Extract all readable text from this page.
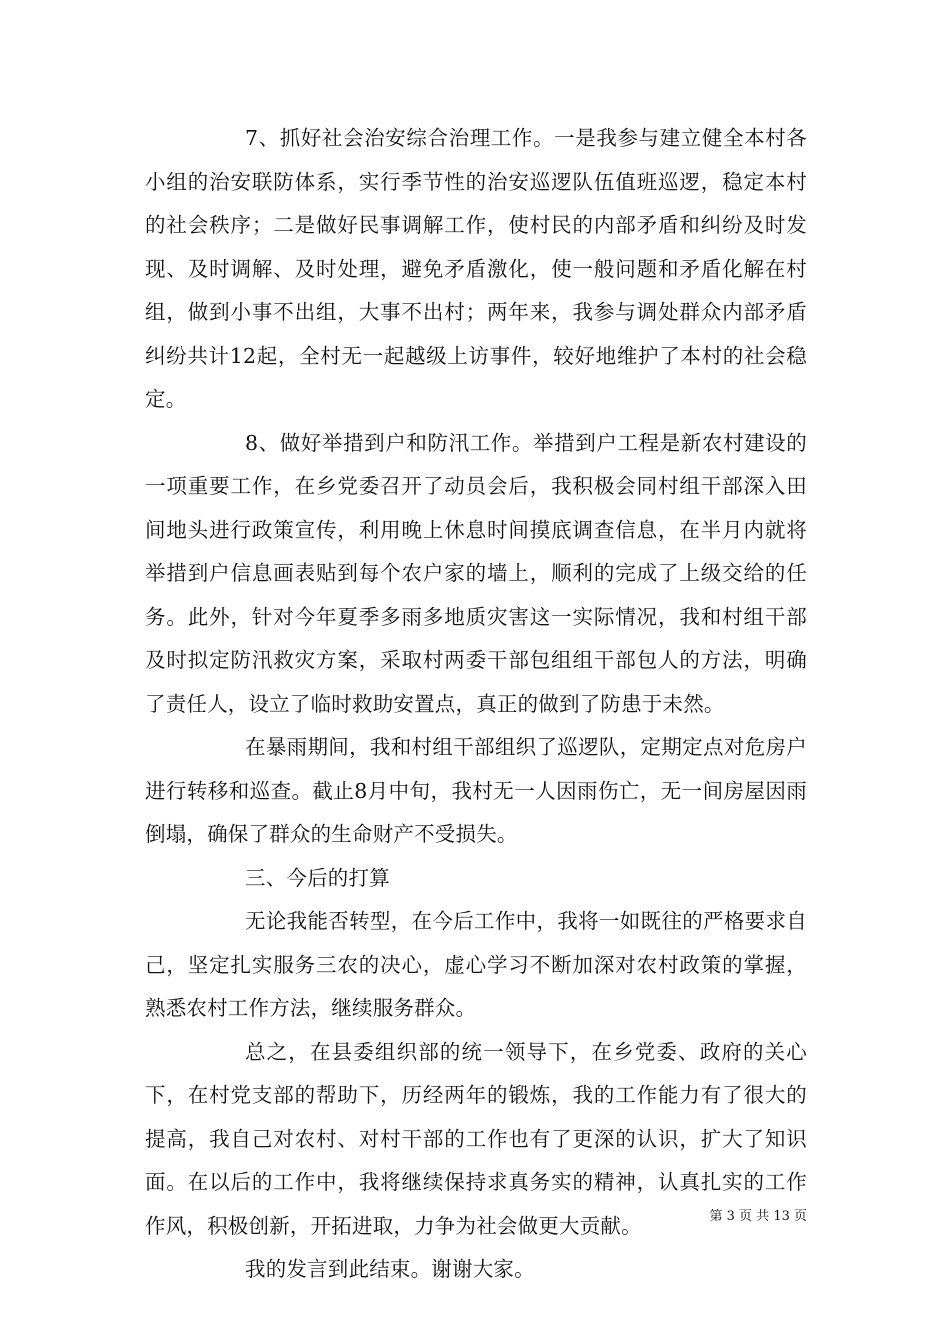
7、抓好社会治安综合治理工作。一是我参与建立健全本村各小组的治安联防体系，实行季节性的治安巡逻队伍值班巡逻，稳定本村的社会秩序；二是做好民事调解工作，使村民的内部矛盾和纠纷及时发现、及时调解、及时处理，避免矛盾激化，使一般问题和矛盾化解在村组，做到小事不出组，大事不出村；两年来，我参与调处群众内部矛盾纠纷共计12起，全村无一起越级上访事件，较好地维护了本村的社会稳定。

8、做好举措到户和防汛工作。举措到户工程是新农村建设的一项重要工作，在乡党委召开了动员会后，我积极会同村组干部深入田间地头进行政策宣传，利用晚上休息时间摸底调查信息，在半月内就将举措到户信息画表贴到每个农户家的墙上，顺利的完成了上级交给的任务。此外，针对今年夏季多雨多地质灾害这一实际情况，我和村组干部及时拟定防汛救灾方案，采取村两委干部包组组干部包人的方法，明确了责任人，设立了临时救助安置点，真正的做到了防患于未然。

在暴雨期间，我和村组干部组织了巡逻队，定期定点对危房户进行转移和巡查。截止8月中旬，我村无一人因雨伤亡，无一间房屋因雨倒塌，确保了群众的生命财产不受损失。

三、今后的打算

无论我能否转型，在今后工作中，我将一如既往的严格要求自己，坚定扎实服务三农的决心，虚心学习不断加深对农村政策的掌握，熟悉农村工作方法，继续服务群众。

总之，在县委组织部的统一领导下，在乡党委、政府的关心下，在村党支部的帮助下，历经两年的锻炼，我的工作能力有了很大的提高，我自己对农村、对村干部的工作也有了更深的认识，扩大了知识面。在以后的工作中，我将继续保持求真务实的精神，认真扎实的工作作风，积极创新，开拓进取，力争为社会做更大贡献。

我的发言到此结束。谢谢大家。

第 3 页 共 13 页
